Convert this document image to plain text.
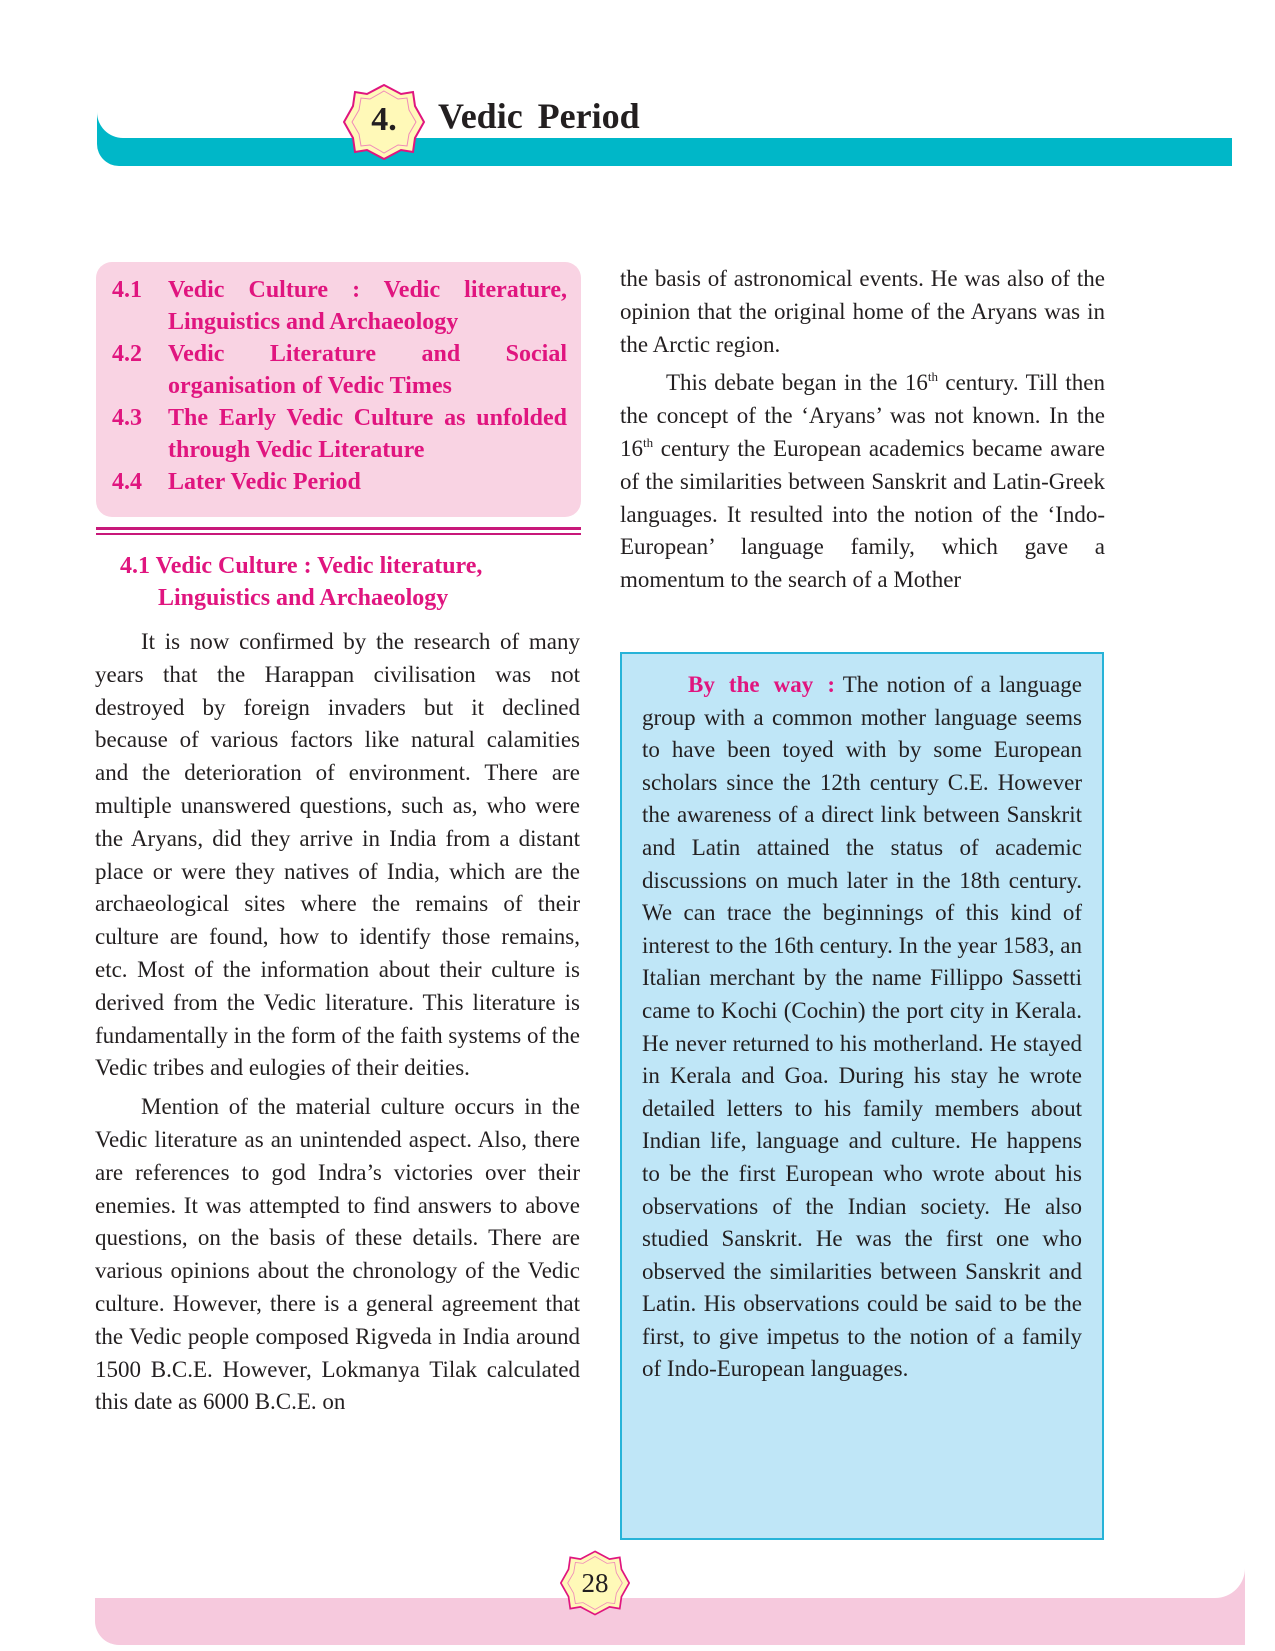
4.	Vedic Period
4.1	Vedic Culture : Vedic literature,
Linguistics and Archaeology
4.2	Vedic Literature and Social
organisation of Vedic Times
4.3	The Early Vedic Culture as unfolded
through Vedic Literature
4.4	Later Vedic Period
4.1 Vedic Culture : Vedic literature,
Linguistics and Archaeology

It is now confirmed by the research of many years that the Harappan civilisation was not destroyed by foreign invaders but it declined because of various factors like natural calamities and the deterioration of environment. There are multiple unanswered questions, such as, who were the Aryans, did they arrive in India from a distant place or were they natives of India, which are the archaeological sites where the remains of their culture are found, how to identify those remains, etc. Most of the information about their culture is derived from the Vedic literature. This literature is fundamentally in the form of the faith systems of the Vedic tribes and eulogies of their deities.

Mention of the material culture occurs in the Vedic literature as an unintended aspect. Also, there are references to god Indra’s victories over their enemies. It was attempted to find answers to above questions, on the basis of these details. There are various opinions about the chronology of the Vedic culture. However, there is a general agreement that the Vedic people composed Rigveda in India around 1500 B.C.E. However, Lokmanya Tilak calculated this date as 6000 B.C.E. on

the basis of astronomical events. He was also of the opinion that the original home of the Aryans was in the Arctic region.

This debate began in the 16th century. Till then the concept of the ‘Aryans’ was not known. In the 16th century the European academics became aware of the similarities between Sanskrit and Latin-Greek languages. It resulted into the notion of the ‘Indo-European’ language family, which gave a momentum to the search of a Mother

By the way : The notion of a language group with a common mother language seems to have been toyed with by some European scholars since the 12th century C.E. However the awareness of a direct link between Sanskrit and Latin attained the status of academic discussions on much later in the 18th century. We can trace the beginnings of this kind of interest to the 16th century. In the year 1583, an Italian merchant by the name Fillippo Sassetti came to Kochi (Cochin) the port city in Kerala. He never returned to his motherland. He stayed in Kerala and Goa. During his stay he wrote detailed letters to his family members about Indian life, language and culture. He happens to be the first European who wrote about his observations of the Indian society. He also studied Sanskrit. He was the first one who observed the similarities between Sanskrit and Latin. His observations could be said to be the first, to give impetus to the notion of a family of Indo-European languages.

28
